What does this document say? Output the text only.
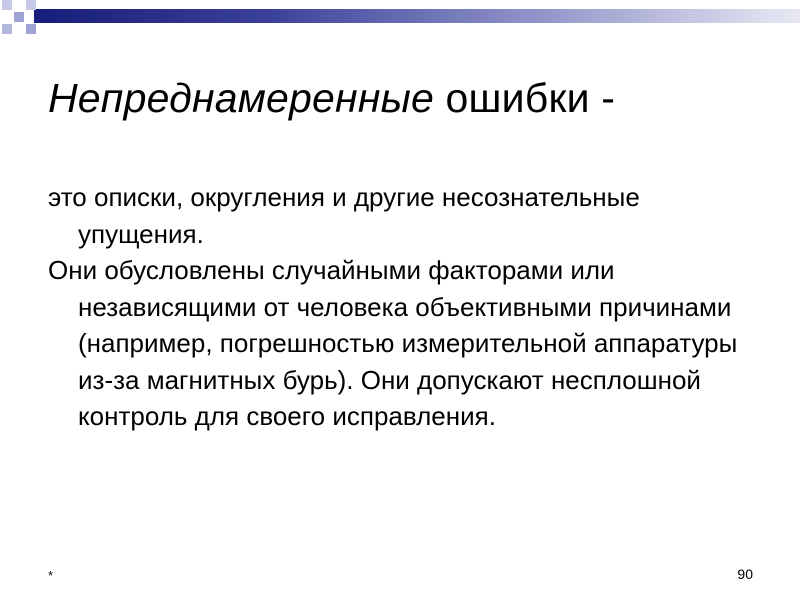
Непреднамеренные ошибки -

это описки, округления и другие несознательные упущения.

Они обусловлены случайными факторами или независящими от человека объективными причинами (например, погрешностью измерительной аппаратуры из-за магнитных бурь). Они допускают несплошной контроль для своего исправления.

*	90
